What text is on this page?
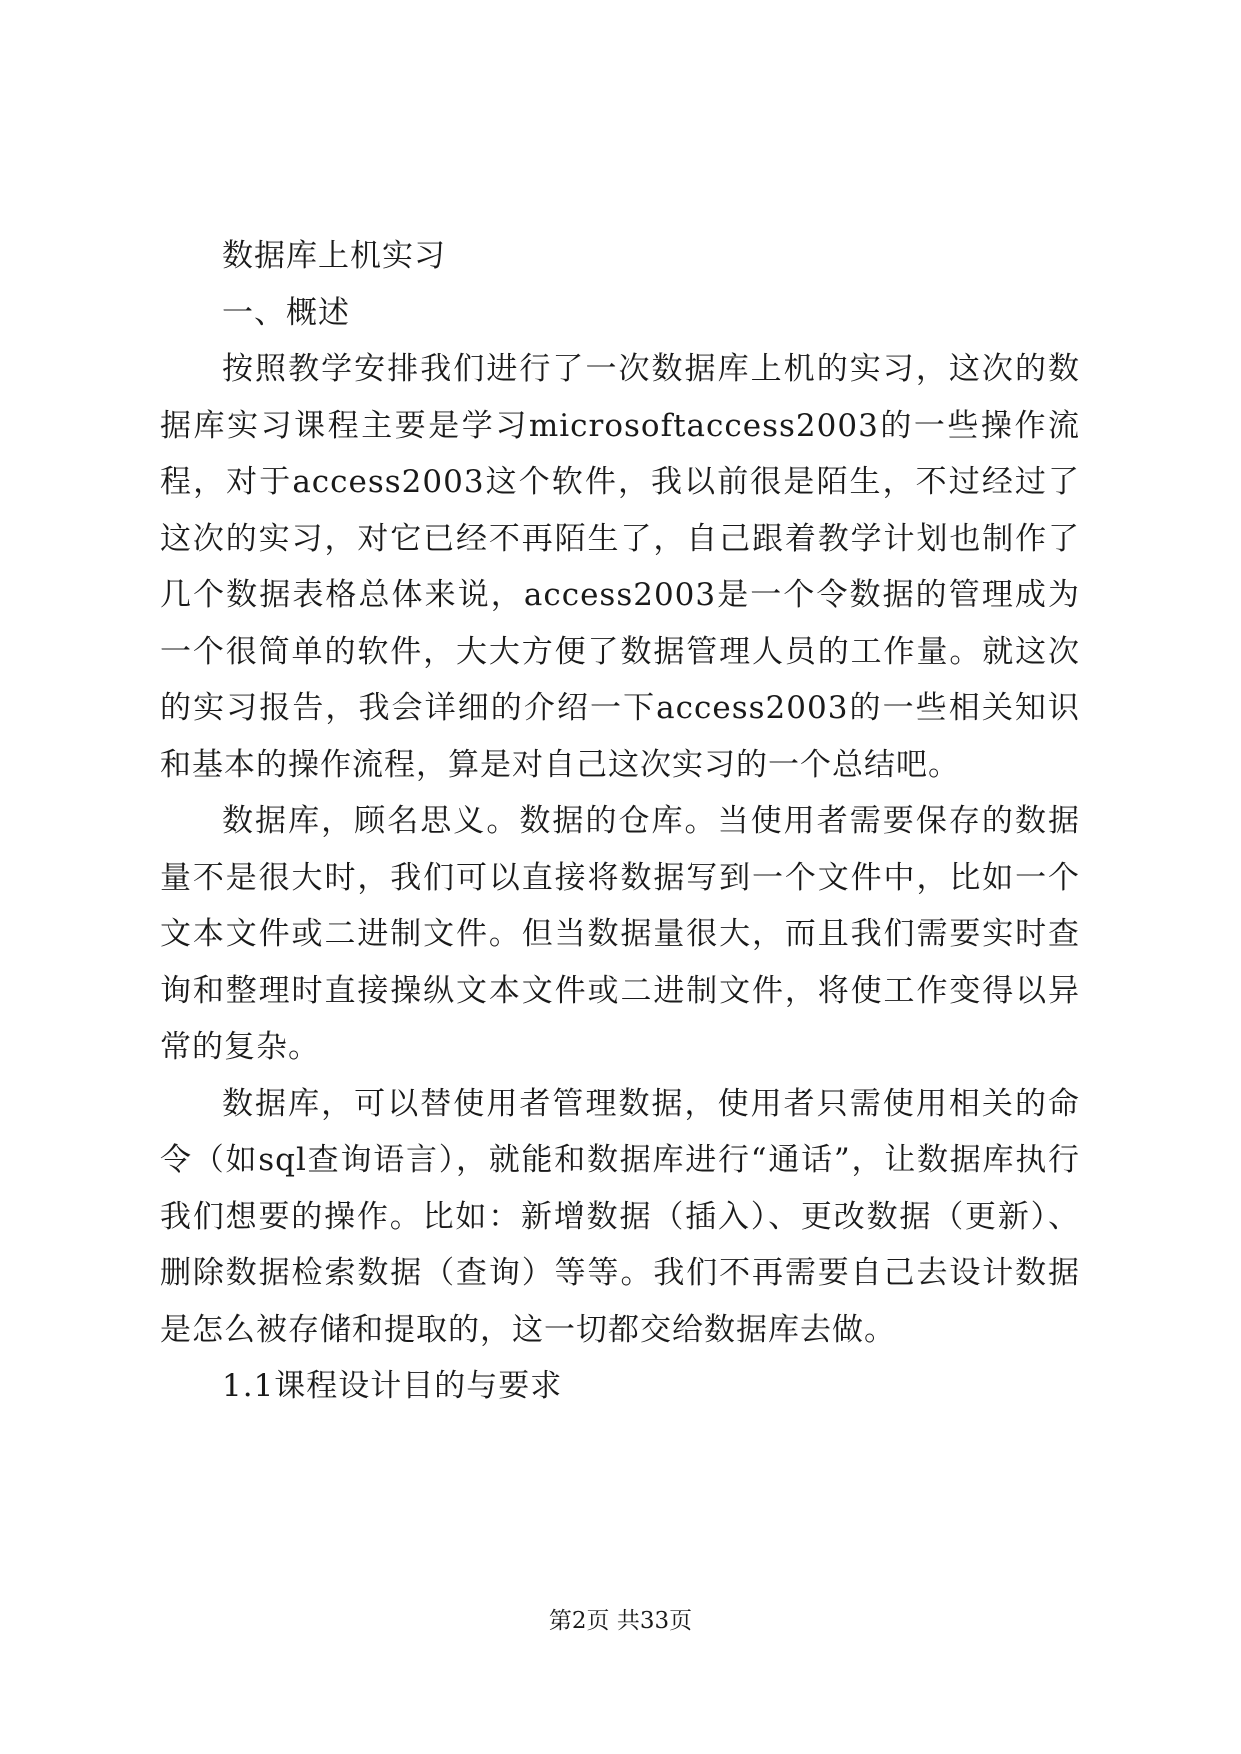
数据库上机实习

一、概述

按照教学安排我们进行了一次数据库上机的实习，这次的数据库实习课程主要是学习microsoftaccess2003的一些操作流程，对于access2003这个软件，我以前很是陌生，不过经过了这次的实习，对它已经不再陌生了，自己跟着教学计划也制作了几个数据表格总体来说，access2003是一个令数据的管理成为一个很简单的软件，大大方便了数据管理人员的工作量。就这次的实习报告，我会详细的介绍一下access2003的一些相关知识和基本的操作流程，算是对自己这次实习的一个总结吧。

数据库，顾名思义。数据的仓库。当使用者需要保存的数据量不是很大时，我们可以直接将数据写到一个文件中，比如一个文本文件或二进制文件。但当数据量很大，而且我们需要实时查询和整理时直接操纵文本文件或二进制文件，将使工作变得以异常的复杂。

数据库，可以替使用者管理数据，使用者只需使用相关的命令（如sql查询语言），就能和数据库进行“通话”，让数据库执行我们想要的操作。比如：新增数据（插入）、更改数据（更新）、删除数据检索数据（查询）等等。我们不再需要自己去设计数据是怎么被存储和提取的，这一切都交给数据库去做。

1.1课程设计目的与要求

第2页 共33页
